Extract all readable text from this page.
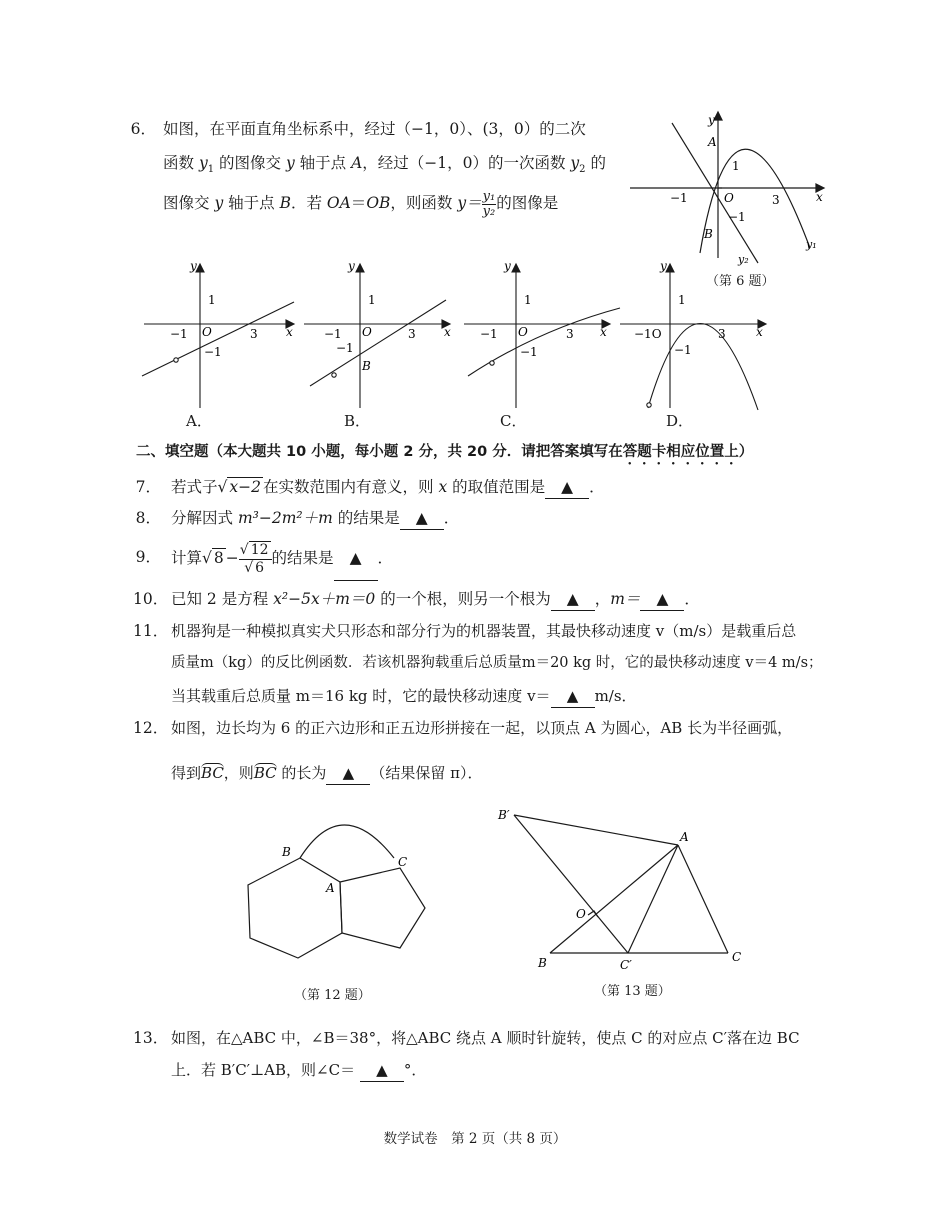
6． 如图，在平面直角坐标系中，经过（−1，0）、(3，0）的二次
函数 $y_1$ 的图像交 y 轴于点 A，经过（−1，0）的一次函数 $y_2$ 的
图像交 y 轴于点 B．若 OA＝OB，则函数 $y= \frac{\text{y₁}}{\text{y₂}}$ 的图像是
y
x
A
1
−1	O	3
−1
B
y₂
y₁
（第 6 题）
y
x
1
−1 O	3
−1
y
x
1
−1 O	3
−1
B
y
x
1
−1 O	3
−1
y
x
1
−1O	3
−1
A．	B．	C．	D．
二、填空题（本大题共 10 小题，每小题 2 分，共 20 分．请把答案填写在答题卡相应位置上）
7． 若式子√ x−2 在实数范围内有意义，则 x 的取值范围是 ▲ ．
8． 分解因式 m³−2m²＋m 的结果是 ▲ ．
9． 计算√ $8 - \frac{√ 12}{√ 6}$ 的结果是 ▲ ．
10． 已知 2 是方程 x²−5x＋m＝0 的一个根，则另一个根为 ▲ ，m＝ ▲ ．
11． 机器狗是一种模拟真实犬只形态和部分行为的机器装置，其最快移动速度 v（m/s）是载重后总
质量m（kg）的反比例函数．若该机器狗载重后总质量m＝20 kg 时，它的最快移动速度 v＝4 m/s；
当其载重后总质量 m＝16 kg 时，它的最快移动速度 v＝ ▲ m/s．
12． 如图，边长均为 6 的正六边形和正五边形拼接在一起，以顶点 A 为圆心，AB 长为半径画弧，
得到BC，则BC 的长为 ▲ （结果保留 π）．
B
C
A
（第 12 题）
B′
A
O
B	C′
C
（第 13 题）
13． 如图，在△ABC 中，∠B＝38°，将△ABC 绕点 A 顺时针旋转，使点 C 的对应点 C′落在边 BC
上．若 B′C′⊥AB，则∠C＝ ▲ °．
数学试卷　第 2 页（共 8 页）
